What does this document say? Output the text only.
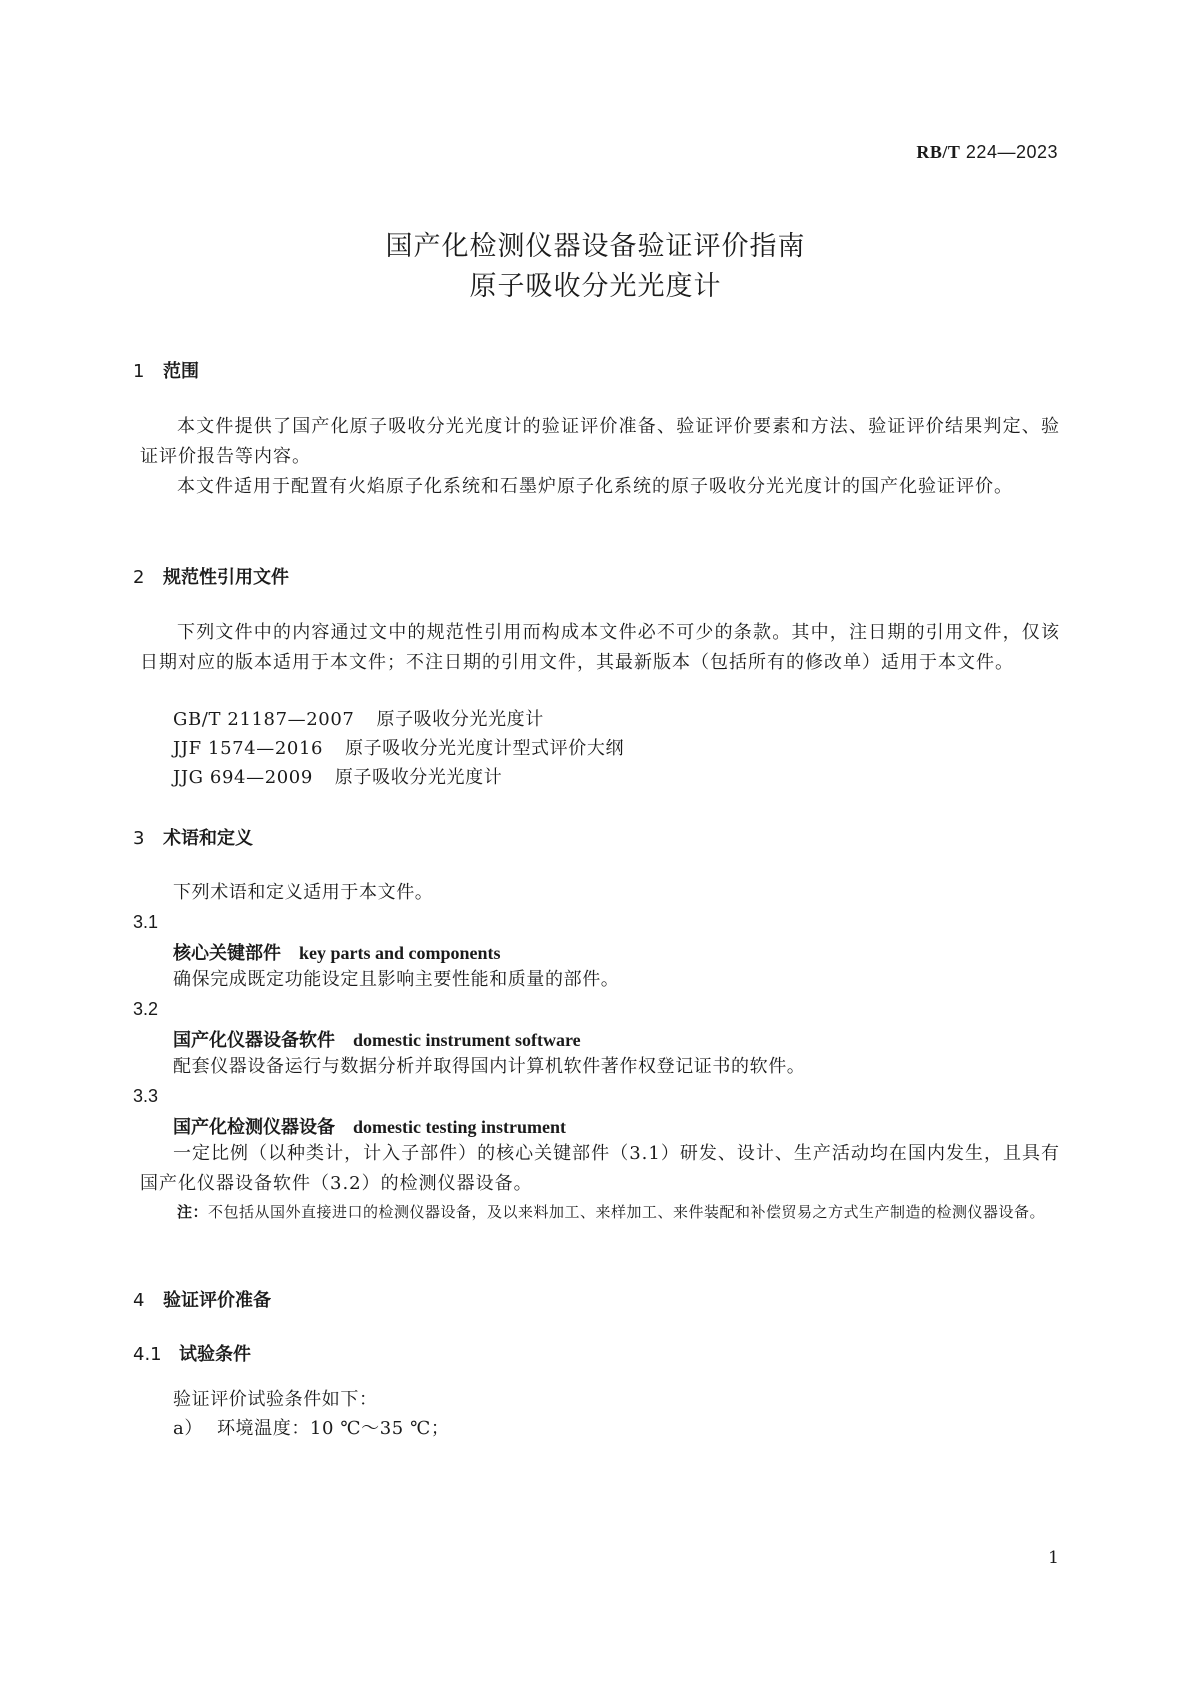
RB/T 224—2023
国产化检测仪器设备验证评价指南
原子吸收分光光度计
1 范围
本文件提供了国产化原子吸收分光光度计的验证评价准备、验证评价要素和方法、验证评价结果判定、验证评价报告等内容。
本文件适用于配置有火焰原子化系统和石墨炉原子化系统的原子吸收分光光度计的国产化验证评价。
2 规范性引用文件
下列文件中的内容通过文中的规范性引用而构成本文件必不可少的条款。其中，注日期的引用文件，仅该日期对应的版本适用于本文件；不注日期的引用文件，其最新版本（包括所有的修改单）适用于本文件。
GB/T 21187—2007 原子吸收分光光度计
JJF 1574—2016 原子吸收分光光度计型式评价大纲
JJG 694—2009 原子吸收分光光度计
3 术语和定义
下列术语和定义适用于本文件。
3.1
核心关键部件 key parts and components
确保完成既定功能设定且影响主要性能和质量的部件。
3.2
国产化仪器设备软件 domestic instrument software
配套仪器设备运行与数据分析并取得国内计算机软件著作权登记证书的软件。
3.3
国产化检测仪器设备 domestic testing instrument
一定比例（以种类计，计入子部件）的核心关键部件（3.1）研发、设计、生产活动均在国内发生，且具有国产化仪器设备软件（3.2）的检测仪器设备。
注：不包括从国外直接进口的检测仪器设备，及以来料加工、来样加工、来件装配和补偿贸易之方式生产制造的检测仪器设备。
4 验证评价准备
4.1 试验条件
验证评价试验条件如下：
a） 环境温度：10 ℃～35 ℃；
1
